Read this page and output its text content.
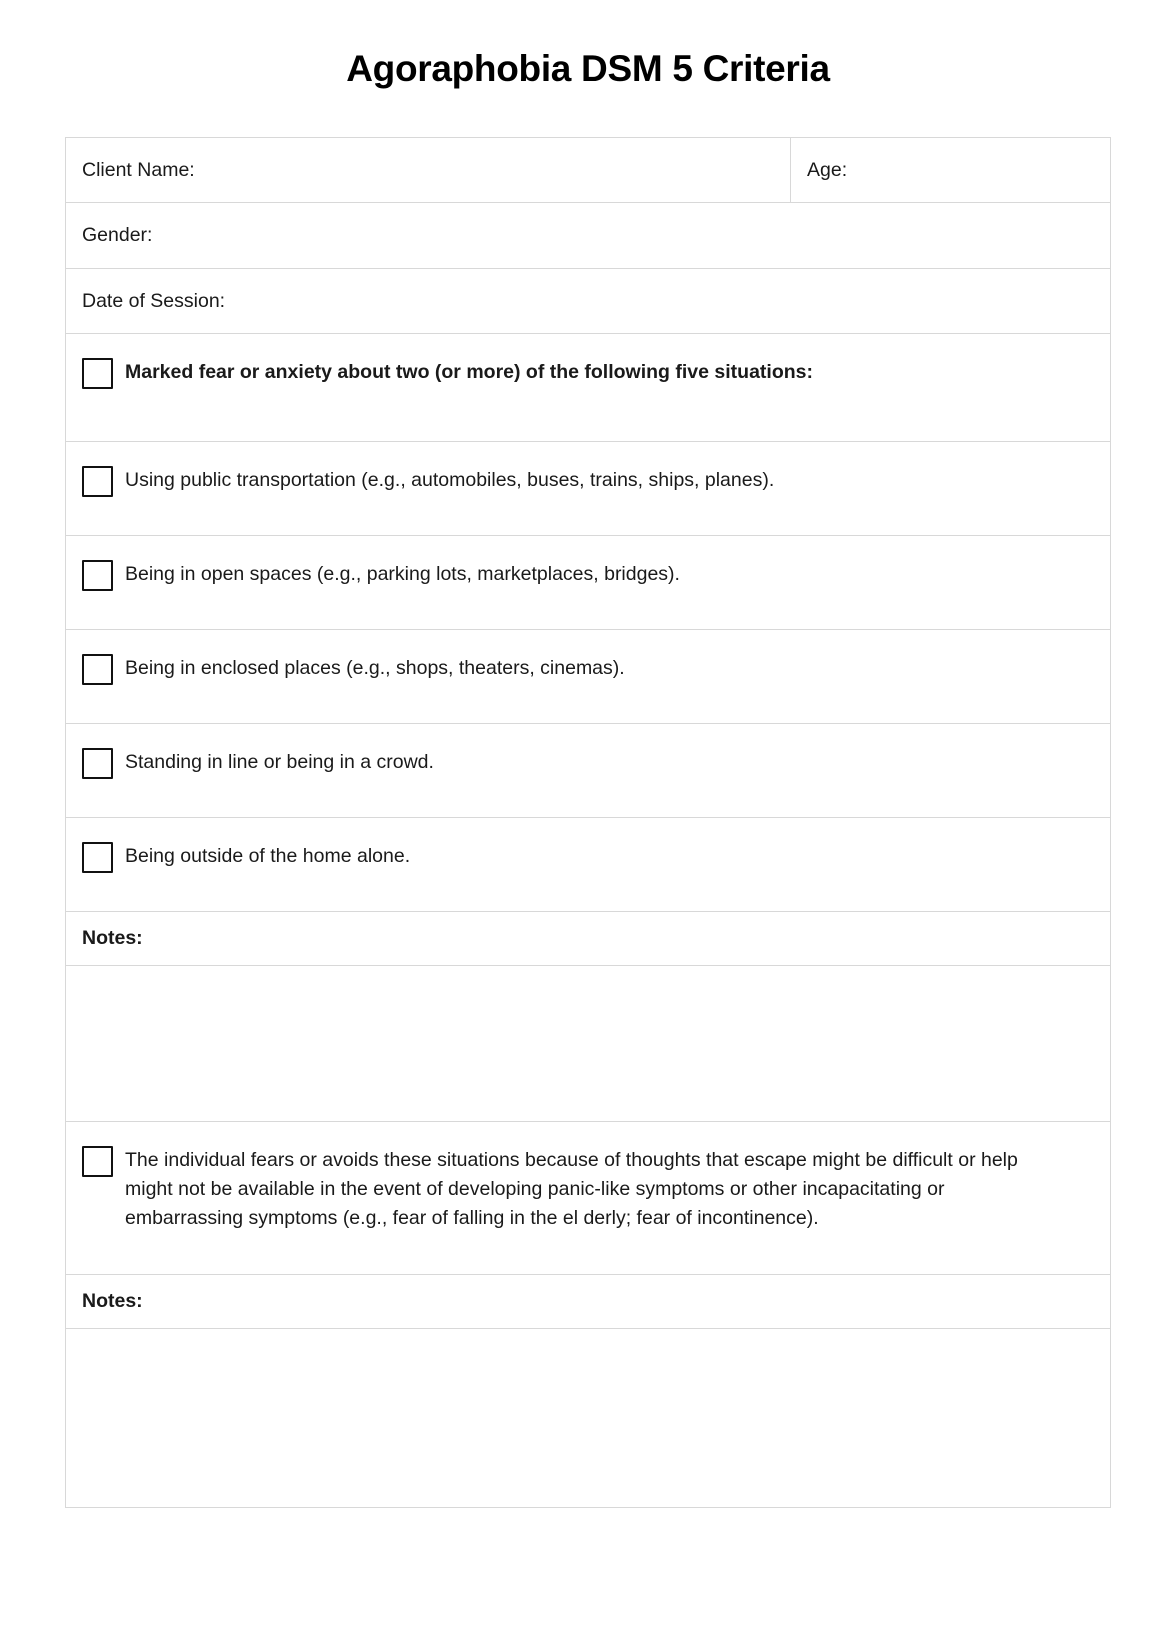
Agoraphobia DSM 5 Criteria
Client Name:	Age:
Gender:
Date of Session:
Marked fear or anxiety about two (or more) of the following five situations:
Using public transportation (e.g., automobiles, buses, trains, ships, planes).
Being in open spaces (e.g., parking lots, marketplaces, bridges).
Being in enclosed places (e.g., shops, theaters, cinemas).
Standing in line or being in a crowd.
Being outside of the home alone.
Notes:
The individual fears or avoids these situations because of thoughts that escape might be difficult or help might not be available in the event of developing panic-like symptoms or other incapacitating or embarrassing symptoms (e.g., fear of falling in the el derly; fear of incontinence).
Notes:
